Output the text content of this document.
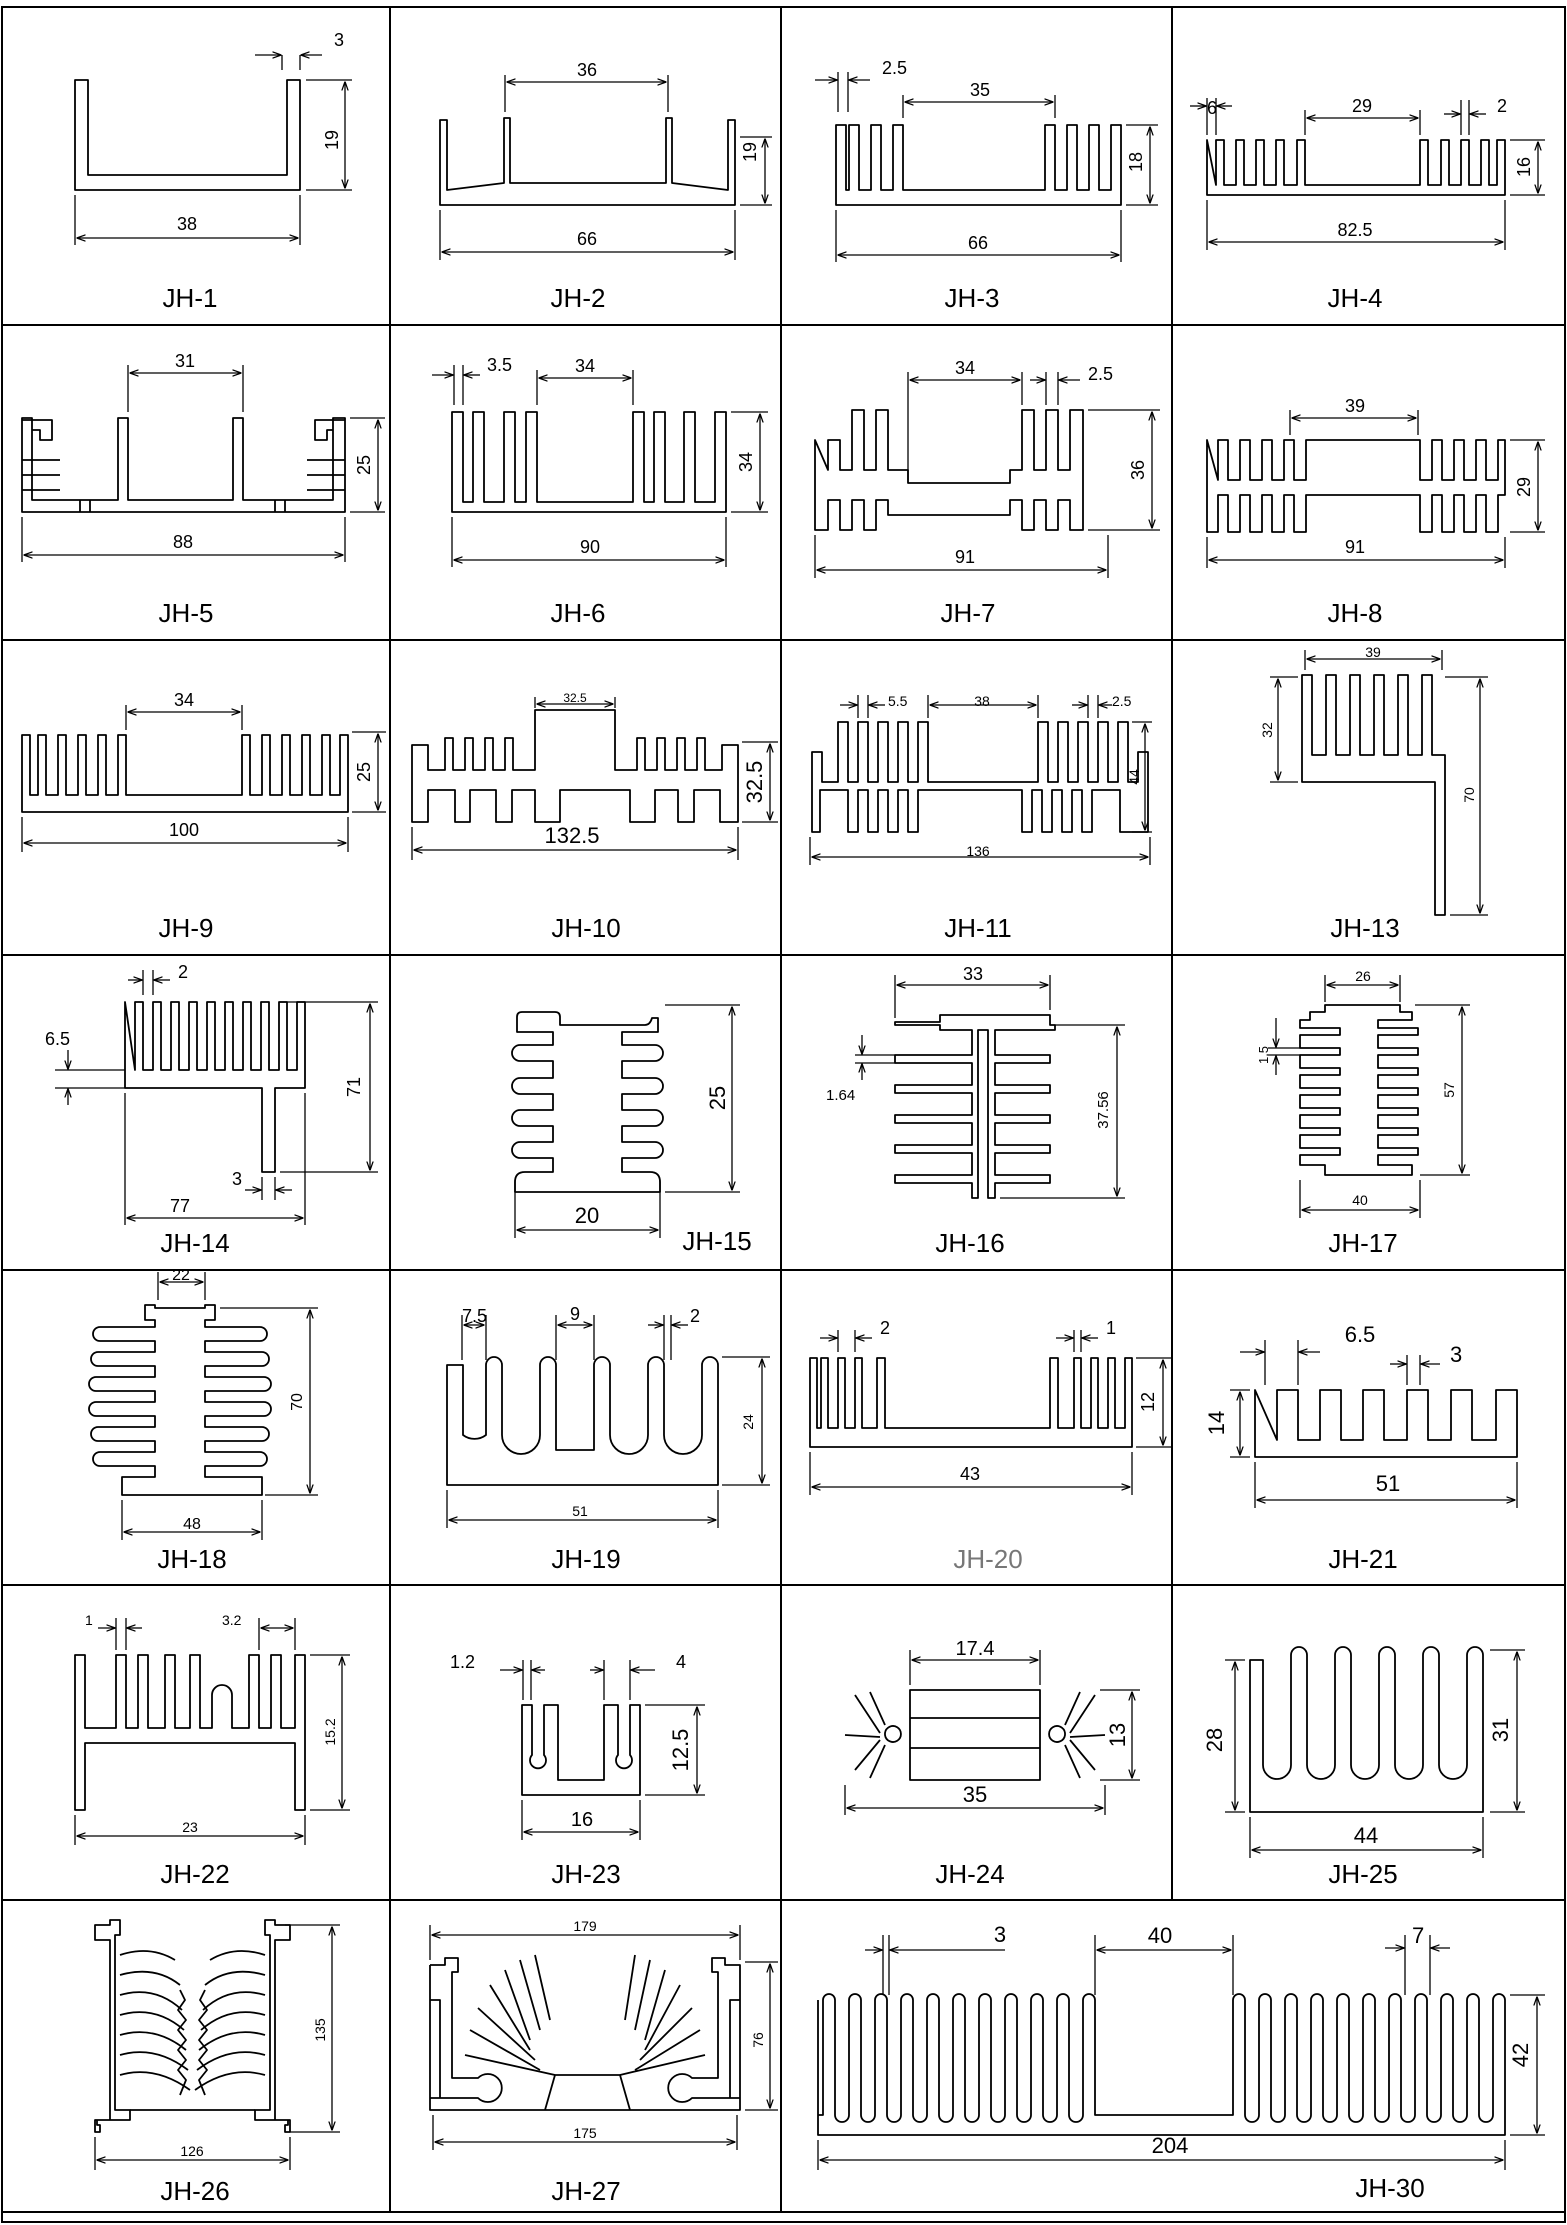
3
19
38
JH-1
36
19
66
JH-2
2.5
35
18
66
JH-3
6	29	2
16
82.5
JH-4
31
25
88
JH-5
3.5	34
34
90
JH-6
34	2.5
36
91
JH-7
39
29
91
JH-8
34
25
100
JH-9
32.5
32.5
132.5
JH-10
5.5	38	2.5
44
136
JH-11
39
32
70
JH-13
2
6.5
71
3
77
JH-14
25
20
JH-15
33
1.64	37.56
JH-16
26
1.5
57
40
JH-17
22
70
48
JH-18
7.5	9	2
24
51
JH-19
2	1
12
43
JH-20
6.5
3
14
51
JH-21
1	3.2
15.2
23
JH-22
1.2	4
12.5
16
JH-23
17.4
13
35
JH-24
28	31
44
JH-25
135
126
JH-26
179
76
175
JH-27
3	40	7
42
204
JH-30
